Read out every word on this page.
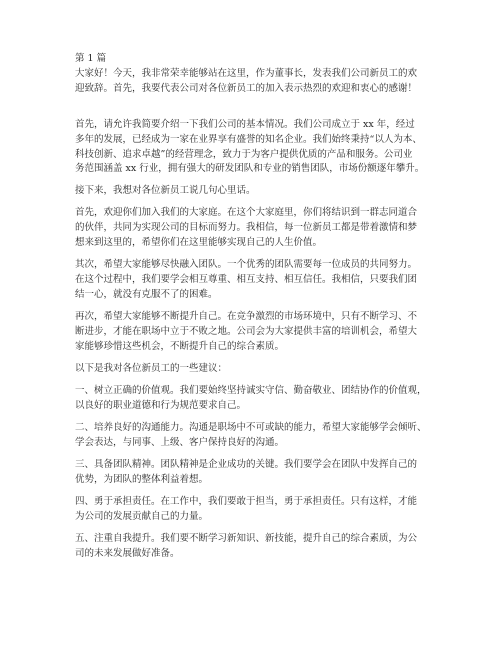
第 1 篇
大家好！今天，我非常荣幸能够站在这里，作为董事长，发表我们公司新员工的欢
迎致辞。首先，我要代表公司对各位新员工的加入表示热烈的欢迎和衷心的感谢！
首先，请允许我简要介绍一下我们公司的基本情况。我们公司成立于 xx 年，经过
多年的发展，已经成为一家在业界享有盛誉的知名企业。我们始终秉持“以人为本、
科技创新、追求卓越”的经营理念，致力于为客户提供优质的产品和服务。公司业
务范围涵盖 xx 行业，拥有强大的研发团队和专业的销售团队，市场份额逐年攀升。
接下来，我想对各位新员工说几句心里话。
首先，欢迎你们加入我们的大家庭。在这个大家庭里，你们将结识到一群志同道合
的伙伴，共同为实现公司的目标而努力。我相信，每一位新员工都是带着激情和梦
想来到这里的，希望你们在这里能够实现自己的人生价值。
其次，希望大家能够尽快融入团队。一个优秀的团队需要每一位成员的共同努力。
在这个过程中，我们要学会相互尊重、相互支持、相互信任。我相信，只要我们团
结一心，就没有克服不了的困难。
再次，希望大家能够不断提升自己。在竞争激烈的市场环境中，只有不断学习、不
断进步，才能在职场中立于不败之地。公司会为大家提供丰富的培训机会，希望大
家能够珍惜这些机会，不断提升自己的综合素质。
以下是我对各位新员工的一些建议：
一、树立正确的价值观。我们要始终坚持诚实守信、勤奋敬业、团结协作的价值观，
以良好的职业道德和行为规范要求自己。
二、培养良好的沟通能力。沟通是职场中不可或缺的能力，希望大家能够学会倾听、
学会表达，与同事、上级、客户保持良好的沟通。
三、具备团队精神。团队精神是企业成功的关键。我们要学会在团队中发挥自己的
优势，为团队的整体利益着想。
四、勇于承担责任。在工作中，我们要敢于担当，勇于承担责任。只有这样，才能
为公司的发展贡献自己的力量。
五、注重自我提升。我们要不断学习新知识、新技能，提升自己的综合素质，为公
司的未来发展做好准备。
